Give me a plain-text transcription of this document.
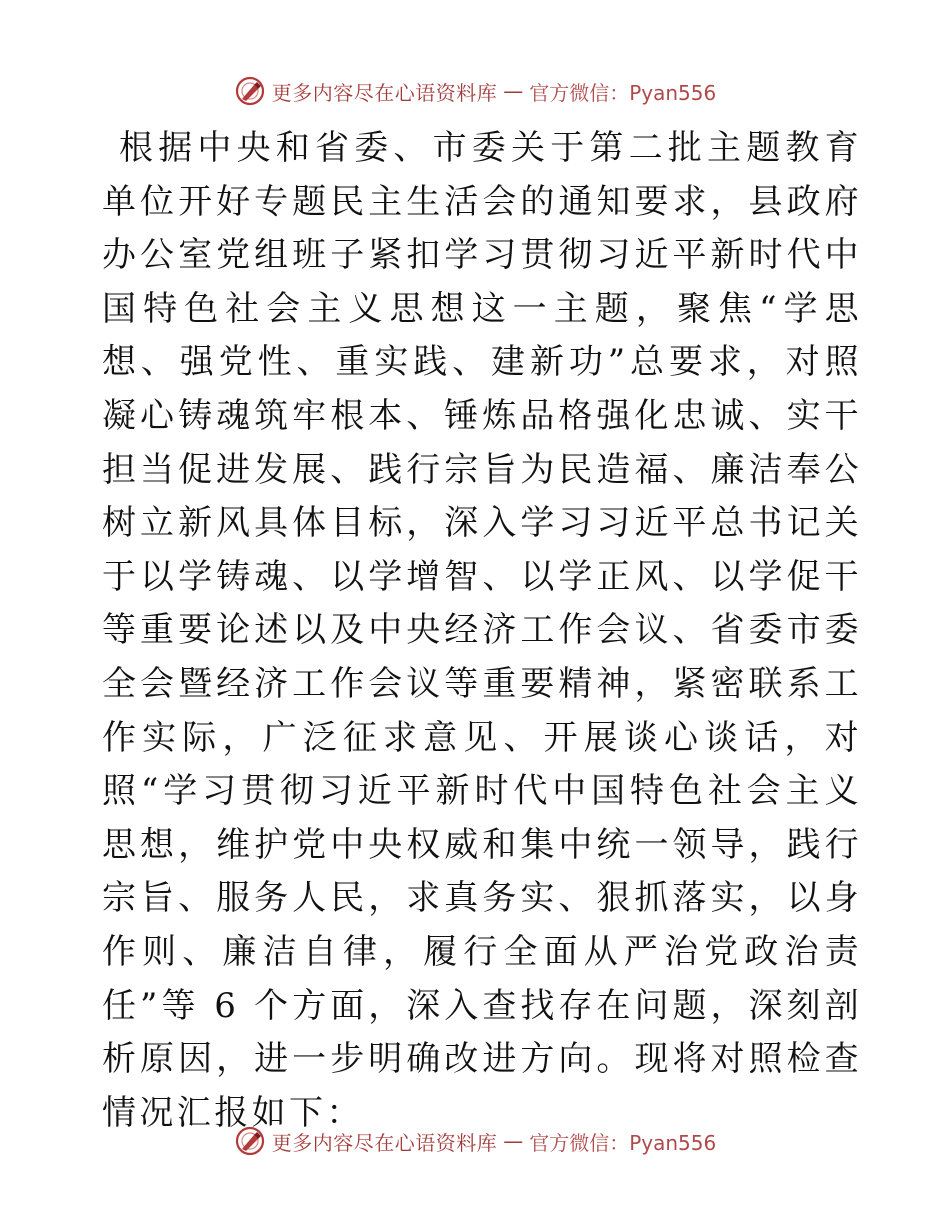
更多内容尽在心语资料库 — 官方微信：Pyan556

根据中央和省委、市委关于第二批主题教育单位开好专题民主生活会的通知要求，县政府办公室党组班子紧扣学习贯彻习近平新时代中国特色社会主义思想这一主题，聚焦“学思想、强党性、重实践、建新功”总要求，对照凝心铸魂筑牢根本、锤炼品格强化忠诚、实干担当促进发展、践行宗旨为民造福、廉洁奉公树立新风具体目标，深入学习习近平总书记关于以学铸魂、以学增智、以学正风、以学促干等重要论述以及中央经济工作会议、省委市委全会暨经济工作会议等重要精神，紧密联系工作实际，广泛征求意见、开展谈心谈话，对照“学习贯彻习近平新时代中国特色社会主义思想，维护党中央权威和集中统一领导，践行宗旨、服务人民，求真务实、狠抓落实，以身作则、廉洁自律，履行全面从严治党政治责任”等 6 个方面，深入查找存在问题，深刻剖析原因，进一步明确改进方向。现将对照检查情况汇报如下：

更多内容尽在心语资料库 — 官方微信：Pyan556
